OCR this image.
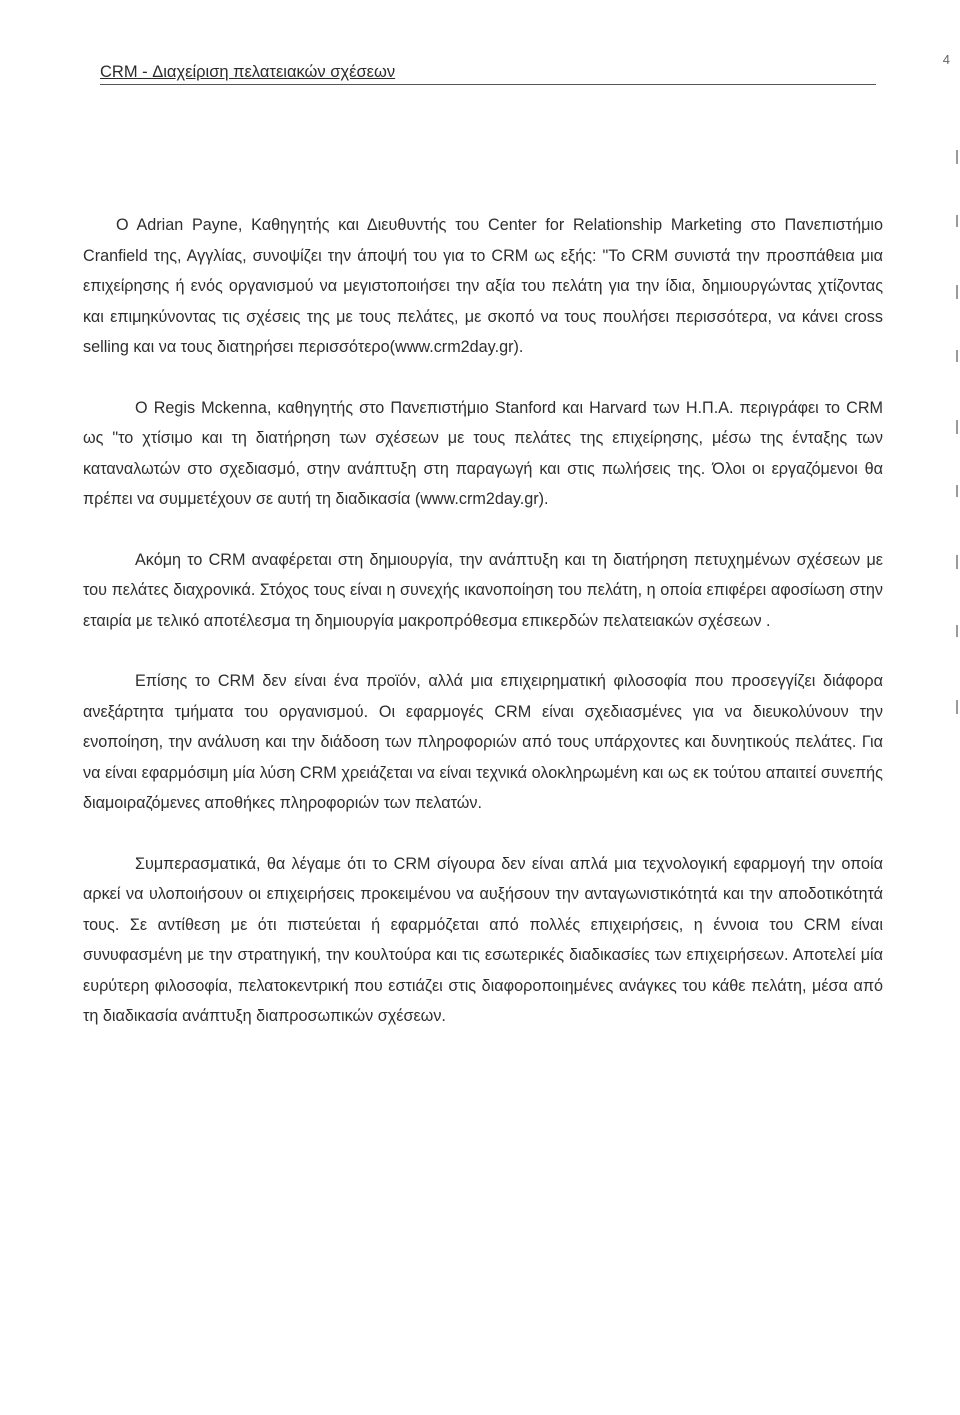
CRM - Διαχείριση πελατειακών σχέσεων
4

O Adrian Payne, Καθηγητής και Διευθυντής του Center for Relationship Marketing στο Πανεπιστήμιο Cranfield της, Αγγλίας, συνοψίζει την άποψή του για το CRM ως εξής: "Το CRM συνιστά την προσπάθεια μια επιχείρησης ή ενός οργανισμού να μεγιστοποιήσει την αξία του πελάτη για την ίδια, δημιουργώντας χτίζοντας και επιμηκύνοντας τις σχέσεις της με τους πελάτες, με σκοπό να τους πουλήσει περισσότερα, να κάνει cross selling και να τους διατηρήσει περισσότερο(www.crm2day.gr).

Ο Regis Mckenna, καθηγητής στο Πανεπιστήμιο Stanford και Harvard των Η.Π.Α. περιγράφει το CRM ως "το χτίσιμο και τη διατήρηση των σχέσεων με τους πελάτες της επιχείρησης, μέσω της ένταξης των καταναλωτών στο σχεδιασμό, στην ανάπτυξη στη παραγωγή και στις πωλήσεις της. Όλοι οι εργαζόμενοι θα πρέπει να συμμετέχουν σε αυτή τη διαδικασία (www.crm2day.gr).

Ακόμη το CRM αναφέρεται στη δημιουργία, την ανάπτυξη και τη διατήρηση πετυχημένων σχέσεων με του πελάτες διαχρονικά. Στόχος τους είναι η συνεχής ικανοποίηση του πελάτη, η οποία επιφέρει αφοσίωση στην εταιρία με τελικό αποτέλεσμα τη δημιουργία μακροπρόθεσμα επικερδών πελατειακών σχέσεων .

Επίσης το CRM δεν είναι ένα προϊόν, αλλά μια επιχειρηματική φιλοσοφία που προσεγγίζει διάφορα ανεξάρτητα τμήματα του οργανισμού. Οι εφαρμογές CRM είναι σχεδιασμένες για να διευκολύνουν την ενοποίηση, την ανάλυση και την διάδοση των πληροφοριών από τους υπάρχοντες και δυνητικούς πελάτες. Για να είναι εφαρμόσιμη μία λύση CRM χρειάζεται να είναι τεχνικά ολοκληρωμένη και ως εκ τούτου απαιτεί συνεπής διαμοιραζόμενες αποθήκες πληροφοριών των πελατών.

Συμπερασματικά, θα λέγαμε ότι το CRM σίγουρα δεν είναι απλά μια τεχνολογική εφαρμογή την οποία αρκεί να υλοποιήσουν οι επιχειρήσεις προκειμένου να αυξήσουν την ανταγωνιστικότητά και την αποδοτικότητά τους. Σε αντίθεση με ότι πιστεύεται ή εφαρμόζεται από πολλές επιχειρήσεις, η έννοια του CRM είναι συνυφασμένη με την στρατηγική, την κουλτούρα και τις εσωτερικές διαδικασίες των επιχειρήσεων. Αποτελεί μία ευρύτερη φιλοσοφία, πελατοκεντρική που εστιάζει στις διαφοροποιημένες ανάγκες του κάθε πελάτη, μέσα από τη διαδικασία ανάπτυξη διαπροσωπικών σχέσεων.
